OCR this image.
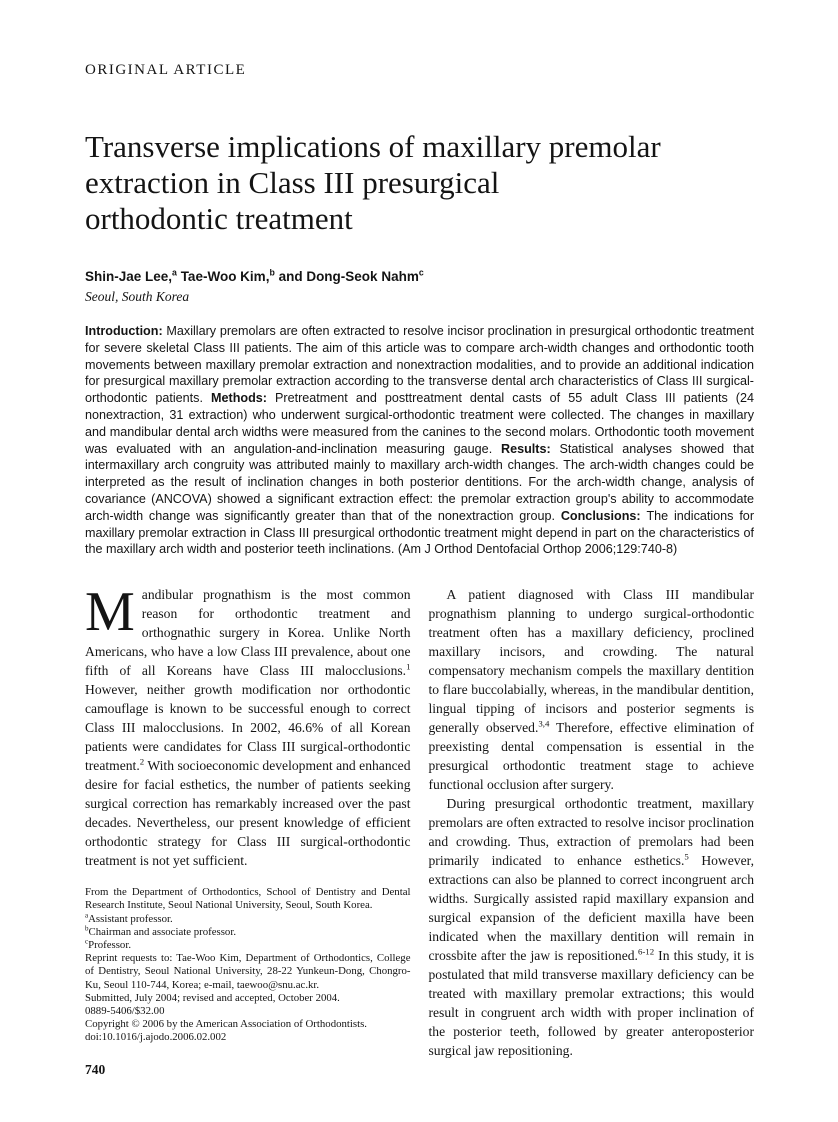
ORIGINAL ARTICLE
Transverse implications of maxillary premolar
extraction in Class III presurgical
orthodontic treatment
Shin-Jae Lee,$^a$ Tae-Woo Kim,$^b$ and Dong-Seok Nahm$^c$
Seoul, South Korea

Introduction: Maxillary premolars are often extracted to resolve incisor proclination in presurgical orthodontic treatment for severe skeletal Class III patients. The aim of this article was to compare arch-width changes and orthodontic tooth movements between maxillary premolar extraction and nonextraction modalities, and to provide an additional indication for presurgical maxillary premolar extraction according to the transverse dental arch characteristics of Class III surgical-orthodontic patients. Methods: Pretreatment and posttreatment dental casts of 55 adult Class III patients (24 nonextraction, 31 extraction) who underwent surgical-orthodontic treatment were collected. The changes in maxillary and mandibular dental arch widths were measured from the canines to the second molars. Orthodontic tooth movement was evaluated with an angulation-and-inclination measuring gauge. Results: Statistical analyses showed that intermaxillary arch congruity was attributed mainly to maxillary arch-width changes. The arch-width changes could be interpreted as the result of inclination changes in both posterior dentitions. For the arch-width change, analysis of covariance (ANCOVA) showed a significant extraction effect: the premolar extraction group's ability to accommodate arch-width change was significantly greater than that of the nonextraction group. Conclusions: The indications for maxillary premolar extraction in Class III presurgical orthodontic treatment might depend in part on the characteristics of the maxillary arch width and posterior teeth inclinations. (Am J Orthod Dentofacial Orthop 2006;129:740-8)

Mandibular prognathism is the most common reason for orthodontic treatment and orthognathic surgery in Korea. Unlike North Americans, who have a low Class III prevalence, about one fifth of all Koreans have Class III malocclusions.$^1$ However, neither growth modification nor orthodontic camouflage is known to be successful enough to correct Class III malocclusions. In 2002, 46.6% of all Korean patients were candidates for Class III surgical-orthodontic treatment.$^2$ With socioeconomic development and enhanced desire for facial esthetics, the number of patients seeking surgical correction has remarkably increased over the past decades. Nevertheless, our present knowledge of efficient orthodontic strategy for Class III surgical-orthodontic treatment is not yet sufficient.

From the Department of Orthodontics, School of Dentistry and Dental Research Institute, Seoul National University, Seoul, South Korea.

$^a$Assistant professor.

$^b$Chairman and associate professor.

$^c$Professor.

Reprint requests to: Tae-Woo Kim, Department of Orthodontics, College of Dentistry, Seoul National University, 28-22 Yunkeun-Dong, Chongro-Ku, Seoul 110-744, Korea; e-mail, taewoo@snu.ac.kr.

Submitted, July 2004; revised and accepted, October 2004.

0889-5406/$32.00

Copyright © 2006 by the American Association of Orthodontists.

doi:10.1016/j.ajodo.2006.02.002

A patient diagnosed with Class III mandibular prognathism planning to undergo surgical-orthodontic treatment often has a maxillary deficiency, proclined maxillary incisors, and crowding. The natural compensatory mechanism compels the maxillary dentition to flare buccolabially, whereas, in the mandibular dentition, lingual tipping of incisors and posterior segments is generally observed.$^{3,4}$ Therefore, effective elimination of preexisting dental compensation is essential in the presurgical orthodontic treatment stage to achieve functional occlusion after surgery.

During presurgical orthodontic treatment, maxillary premolars are often extracted to resolve incisor proclination and crowding. Thus, extraction of premolars had been primarily indicated to enhance esthetics.$^5$ However, extractions can also be planned to correct incongruent arch widths. Surgically assisted rapid maxillary expansion and surgical expansion of the deficient maxilla have been indicated when the maxillary dentition will remain in crossbite after the jaw is repositioned.$^{6-12}$ In this study, it is postulated that mild transverse maxillary deficiency can be treated with maxillary premolar extractions; this would result in congruent arch width with proper inclination of the posterior teeth, followed by greater anteroposterior surgical jaw repositioning.

740
